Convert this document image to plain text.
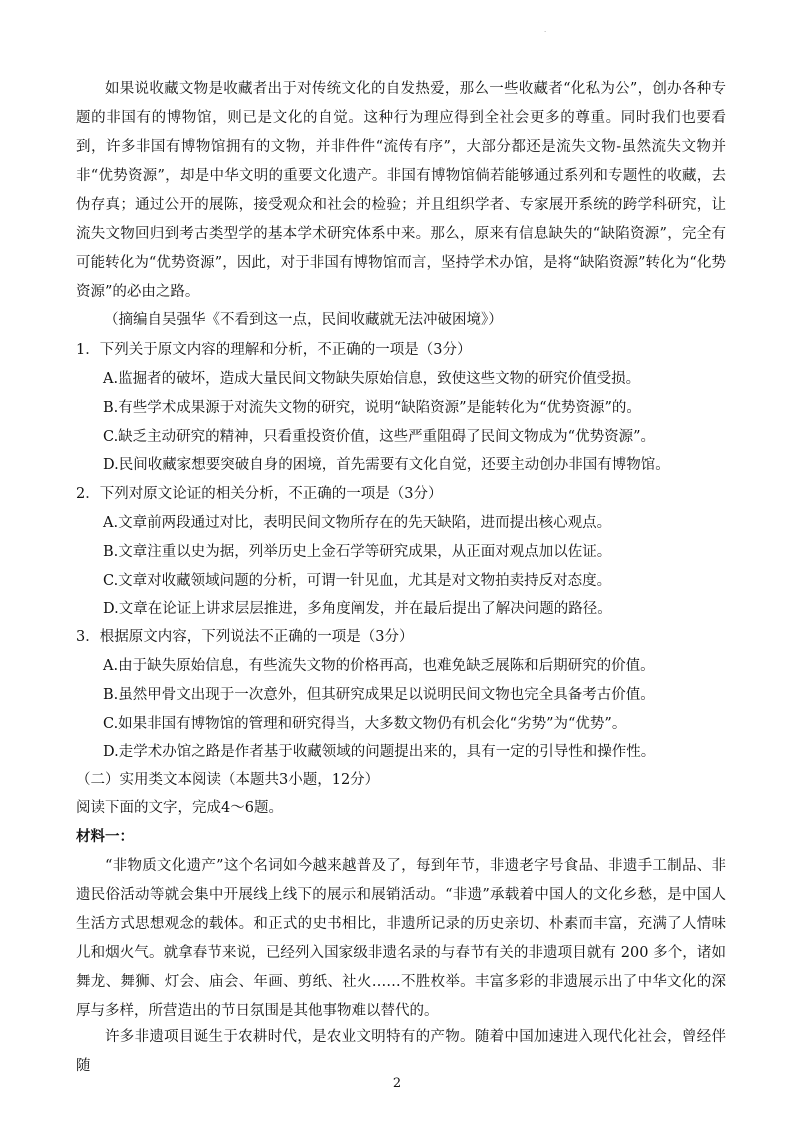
·

如果说收藏文物是收藏者出于对传统文化的自发热爱，那么一些收藏者“化私为公”，创办各种专题的非国有的博物馆，则已是文化的自觉。这种行为理应得到全社会更多的尊重。同时我们也要看到，许多非国有博物馆拥有的文物，并非件件“流传有序”，大部分都还是流失文物-虽然流失文物并非“优势资源”，却是中华文明的重要文化遗产。非国有博物馆倘若能够通过系列和专题性的收藏，去伪存真；通过公开的展陈，接受观众和社会的检验；并且组织学者、专家展开系统的跨学科研究，让流失文物回归到考古类型学的基本学术研究体系中来。那么，原来有信息缺失的“缺陷资源”，完全有可能转化为“优势资源”，因此，对于非国有博物馆而言，坚持学术办馆，是将“缺陷资源”转化为“化势资源”的必由之路。

（摘编自吴强华《不看到这一点，民间收藏就无法冲破困境》）

1．下列关于原文内容的理解和分析，不正确的一项是（3分）

A.监掘者的破坏，造成大量民间文物缺失原始信息，致使这些文物的研究价值受损。

B.有些学术成果源于对流失文物的研究，说明“缺陷资源”是能转化为“优势资源”的。

C.缺乏主动研究的精神，只看重投资价值，这些严重阻碍了民间文物成为“优势资源”。

D.民间收藏家想要突破自身的困境，首先需要有文化自觉，还要主动创办非国有博物馆。

2．下列对原文论证的相关分析，不正确的一项是（3分）

A.文章前两段通过对比，表明民间文物所存在的先天缺陷，进而提出核心观点。

B.文章注重以史为据，列举历史上金石学等研究成果，从正面对观点加以佐证。

C.文章对收藏领域问题的分析，可谓一针见血，尤其是对文物拍卖持反对态度。

D.文章在论证上讲求层层推进，多角度阐发，并在最后提出了解决问题的路径。

3．根据原文内容，下列说法不正确的一项是（3分）

A.由于缺失原始信息，有些流失文物的价格再高，也难免缺乏展陈和后期研究的价值。

B.虽然甲骨文出现于一次意外，但其研究成果足以说明民间文物也完全具备考古价值。

C.如果非国有博物馆的管理和研究得当，大多数文物仍有机会化“劣势”为“优势”。

D.走学术办馆之路是作者基于收藏领域的问题提出来的，具有一定的引导性和操作性。

（二）实用类文本阅读（本题共3小题，12分）

阅读下面的文字，完成4～6题。

材料一：

“非物质文化遗产”这个名词如今越来越普及了，每到年节，非遗老字号食品、非遗手工制品、非遗民俗活动等就会集中开展线上线下的展示和展销活动。“非遗”承载着中国人的文化乡愁，是中国人生活方式思想观念的载体。和正式的史书相比，非遗所记录的历史亲切、朴素而丰富，充满了人情味儿和烟火气。就拿春节来说，已经列入国家级非遗名录的与春节有关的非遗项目就有 200 多个，诸如舞龙、舞狮、灯会、庙会、年画、剪纸、社火……不胜枚举。丰富多彩的非遗展示出了中华文化的深厚与多样，所营造出的节日氛围是其他事物难以替代的。

许多非遗项目诞生于农耕时代，是农业文明特有的产物。随着中国加速进入现代化社会，曾经伴随

2
